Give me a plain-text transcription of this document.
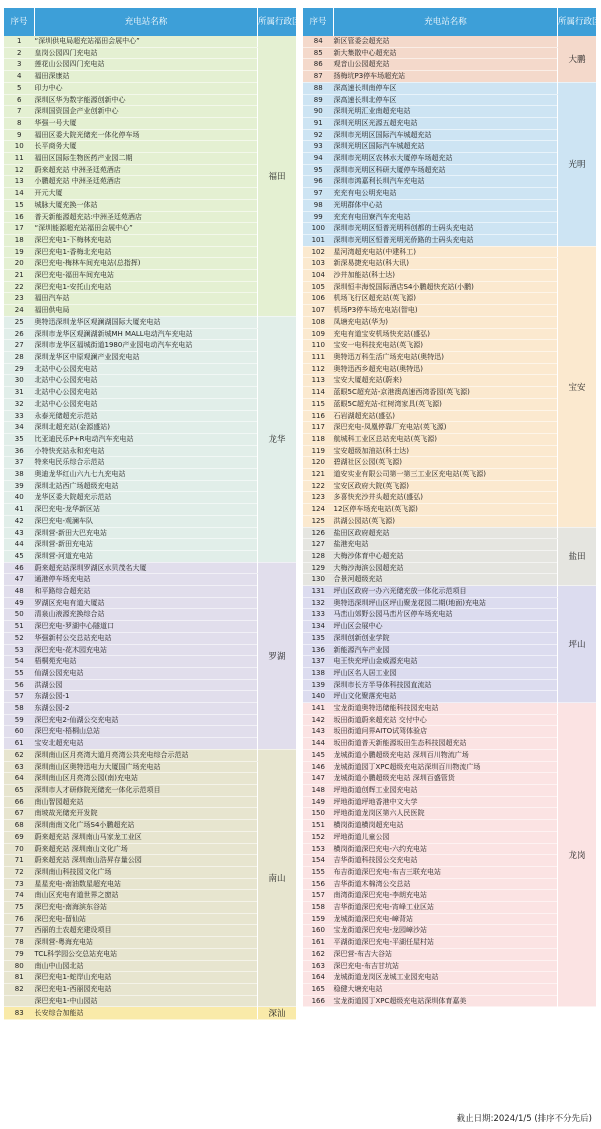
序号	充电站名称	所属行政区
1	“深圳供电局超充站福田会展中心”	福田
2	皇岗公园四门充电站	
3	莲花山公园四门充电站	
4	福田深康站	
5	印力中心	
6	深圳区华为数字能源创新中心	
7	深圳国资国企产业创新中心	
8	华强一号大厦	
9	福田区委大院光储充一体化停车场	
10	长平商务大厦	
11	福田区国际生物医药产业园二期	
12	蔚来超充站 中洲圣廷苑酒店	
13	小鹏超充站 中洲圣廷苑酒店	
14	开元大厦	
15	城脉大厦充换一体站	
16	普天新能源超充站:中洲圣廷苑酒店	
17	“深圳能源超充站福田会展中心”	
18	深巴充电1-下梅林充电站	
19	深巴充电1-香梅北充电站	
20	深巴充电-梅林车间充电站(总指挥)	
21	深巴充电-福田车间充电站	
22	深巴充电1-安托山充电站	
23	福田汽车站	
24	福田供电局	
25	奥特迅深圳龙华区观澜湖国际大厦充电站	龙华
26	深圳市龙华区观澜湖新城MH MALL电动汽车充电站	
27	深圳市龙华区福城街道1980产业园电动汽车充电站	
28	深圳龙华区中原观澜产业园充电站	
29	北站中心公园充电站	
30	北站中心公园充电站	
31	北站中心公园充电站	
32	北站中心公园充电站	
33	永泰光储超充示范站	
34	深圳北超充站(金源盛站)	
35	比亚迪民乐P+R电动汽车充电站	
36	小特快充站永和充电站	
37	特来电民乐综合示范站	
38	奥迪龙华红山六九七九充电站	
39	深圳北站西广场超级充电站	
40	龙华区委大院超充示范站	
41	深巴充电-龙华新区站	
42	深巴充电-观澜车队	
43	深圳营-新田大巴充电站	
44	深圳营-新田充电站	
45	深圳营-河道充电站	
46	蔚来超充站深圳罗湖区水贝茂名大厦	罗湖
47	通港停车场充电站	
48	和平路综合超充站	
49	罗湖区充电有道大厦站	
50	清泉山液源充换综合站	
51	深巴充电-罗湖中心隧道口	
52	华强新村公交总站充电站	
53	深巴充电-花木园充电站	
54	梧桐苑充电站	
55	仙湖公园充电站	
56	洪湖公园	
57	东湖公园-1	
58	东湖公园-2	
59	深巴充电2-仙湖公交充电站	
60	深巴充电-梧桐山总站	
61	宝安北超充电站	
62	深圳南山区月亮湾大道月亮湾公共充电综合示范站	南山
63	深圳南山区奥特迅电力大厦国广场充电站	
64	深圳南山区月亮湾公园(南)充电站	
65	深圳市人才研修院光储充一体化示范项目	
66	南山智园超充站	
67	南坡故光储充开发院	
68	深圳南南文化广场S4小鹏超充站	
69	蔚来超充站 深圳南山马家龙工业区	
70	蔚来超充站 深圳南山文化广场	
71	蔚来超充站 深圳南山浩昇存量公园	
72	深圳南山科技园文化广场	
73	星星充电-南油数星超充电站	
74	南山区充电有道世界之窗站	
75	深巴充电-南海滨东谷站	
76	深巴充电-留仙站	
77	西丽的土农超充建设项目	
78	深圳营-粤海充电站	
79	TCL科学园公交总站充电站	
80	南山中山园北站	
81	深巴充电1-蛇岸山充电站	
82	深巴充电1-西丽园充电站	
	深巴充电1-中山园站	
83	长安综合加能站	深汕
序号	充电站名称	所属行政区
84	新区管委会超充站	大鹏
85	新大集散中心超充站	
86	观音山公园超充站	
87	扬梅坑P3停车场超充站	
88	深高速长圳南停车区	光明
89	深高速长圳北停车区	
90	深圳光明汇业南超充电站	
91	深圳光明区光源五超充电站	
92	深圳市光明区国际汽车城超充站	
93	深圳光明区国际汽车城超充站	
94	深圳市光明区农林水大厦停车场超充站	
95	深圳市光明区科研大厦停车场超充站	
96	深圳市鸿嘉利长圳汽车充电站	
97	充充有电公明充电站	
98	光明群体中心站	
99	充充有电田寮汽车充电站	
100	深圳市光明区恒普光明科创都的士码头充电站	
101	深圳市光明区恒普光明光侨路的士码头充电站	
102	星河湾超充电站(中建科工)	宝安
103	新深易捷充电站(科大讯)	
104	沙井加能站(科士达)	
105	深圳恒丰海悦国际酒店S4小鹏超快充站(小鹏)	
106	机场飞行区超充站(英飞源)	
107	机场P3停车场充电站(智电)	
108	凤塘充电站(华为)	
109	充电有道宝安机场快充站(盛弘)	
110	宝安一电科技充电站(英飞源)	
111	奥特迅万科生活广场充电站(奥特迅)	
112	奥特迅西乡超充电站(奥特迅)	
113	宝安大厦超充站(蔚来)	
114	蓝眼5C超充站-京港澳高速西湾香园(英飞源)	
115	蓝眼5C超充站-红树湾家具(英飞源)	
116	石岩湖超充站(盛弘)	
117	深巴充电-凤凰停靠厂充电站(英飞源)	
118	航城科工业区总站充电站(英飞源)	
119	宝安超级加油站(科士达)	
120	碧湖社区公园(英飞源)	
121	道安实业有限公司第一第三工业区充电站(英飞源)	
122	宝安区政府大院(英飞源)	
123	多喜快充沙井头超充站(盛弘)	
124	12区停车场充电站(英飞源)	
125	洪湖公园站(英飞源)	
126	盐田区政府超充站	盐田
127	盐港充电站	
128	大梅沙体育中心超充站	
129	大梅沙海滨公园超充站	
130	合景河超级充站	
131	坪山区政府一办六光储充放一体化示范项目	坪山
132	奥特迅深圳坪山区坪山聚龙花园二期(地面)充电站	
133	马峦山郊野公园马峦片区停车场充电站	
134	坪山区会展中心	
135	深圳创新创业学院	
136	新能源汽车产业园	
137	电王快充坪山金威源充电站	
138	坪山区名人居工业园	
139	深圳市长方半导体科技园直流站	
140	坪山文化聚落充电站	
141	宝龙街道奥特迅储能科技园充电站	龙岗
142	坂田街道蔚来超充站 交付中心	
143	坂田街道问界AITO试驾体验店	
144	坂田街道普天新能源坂田生态科技园超充站	
145	龙城街道小鹏超级充电站 深圳百川物流广场	
146	龙城街道园丁XPC超级充电站深圳百川物流广场	
147	龙城街道小鹏超级充电站 深圳百盛管货	
148	坪地街道创辉工业园充电站	
149	坪地街道坪地香港中文大学	
150	坪地街道龙岗区第六人民医院	
151	横岗街道横岗超充电站	
152	坪地街道儿童公园	
153	横岗街道深巴充电-六约充电站	
154	吉华街道科技园公交充电站	
155	布吉街道深巴充电-布吉三联充电站	
156	吉华街道木棉湾公交总站	
157	南湾街道深巴充电-李朗充电站	
158	吉华街道深巴充电-宵峰工业区站	
159	龙城街道深巴充电-嶂背站	
160	宝龙街道深巴充电-龙园嶂沙站	
161	平湖街道深巴充电-平湖任屋村站	
162	深巴营-布吉大谷站	
163	深巴充电-布吉甘坑站	
164	龙城街道龙岗区龙城工业园充电站	
165	稳健大塘充电站	
166	宝龙街道园丁XPC超级充电站深圳体育嘉美	
截止日期:2024/1/5 (排序不分先后)
